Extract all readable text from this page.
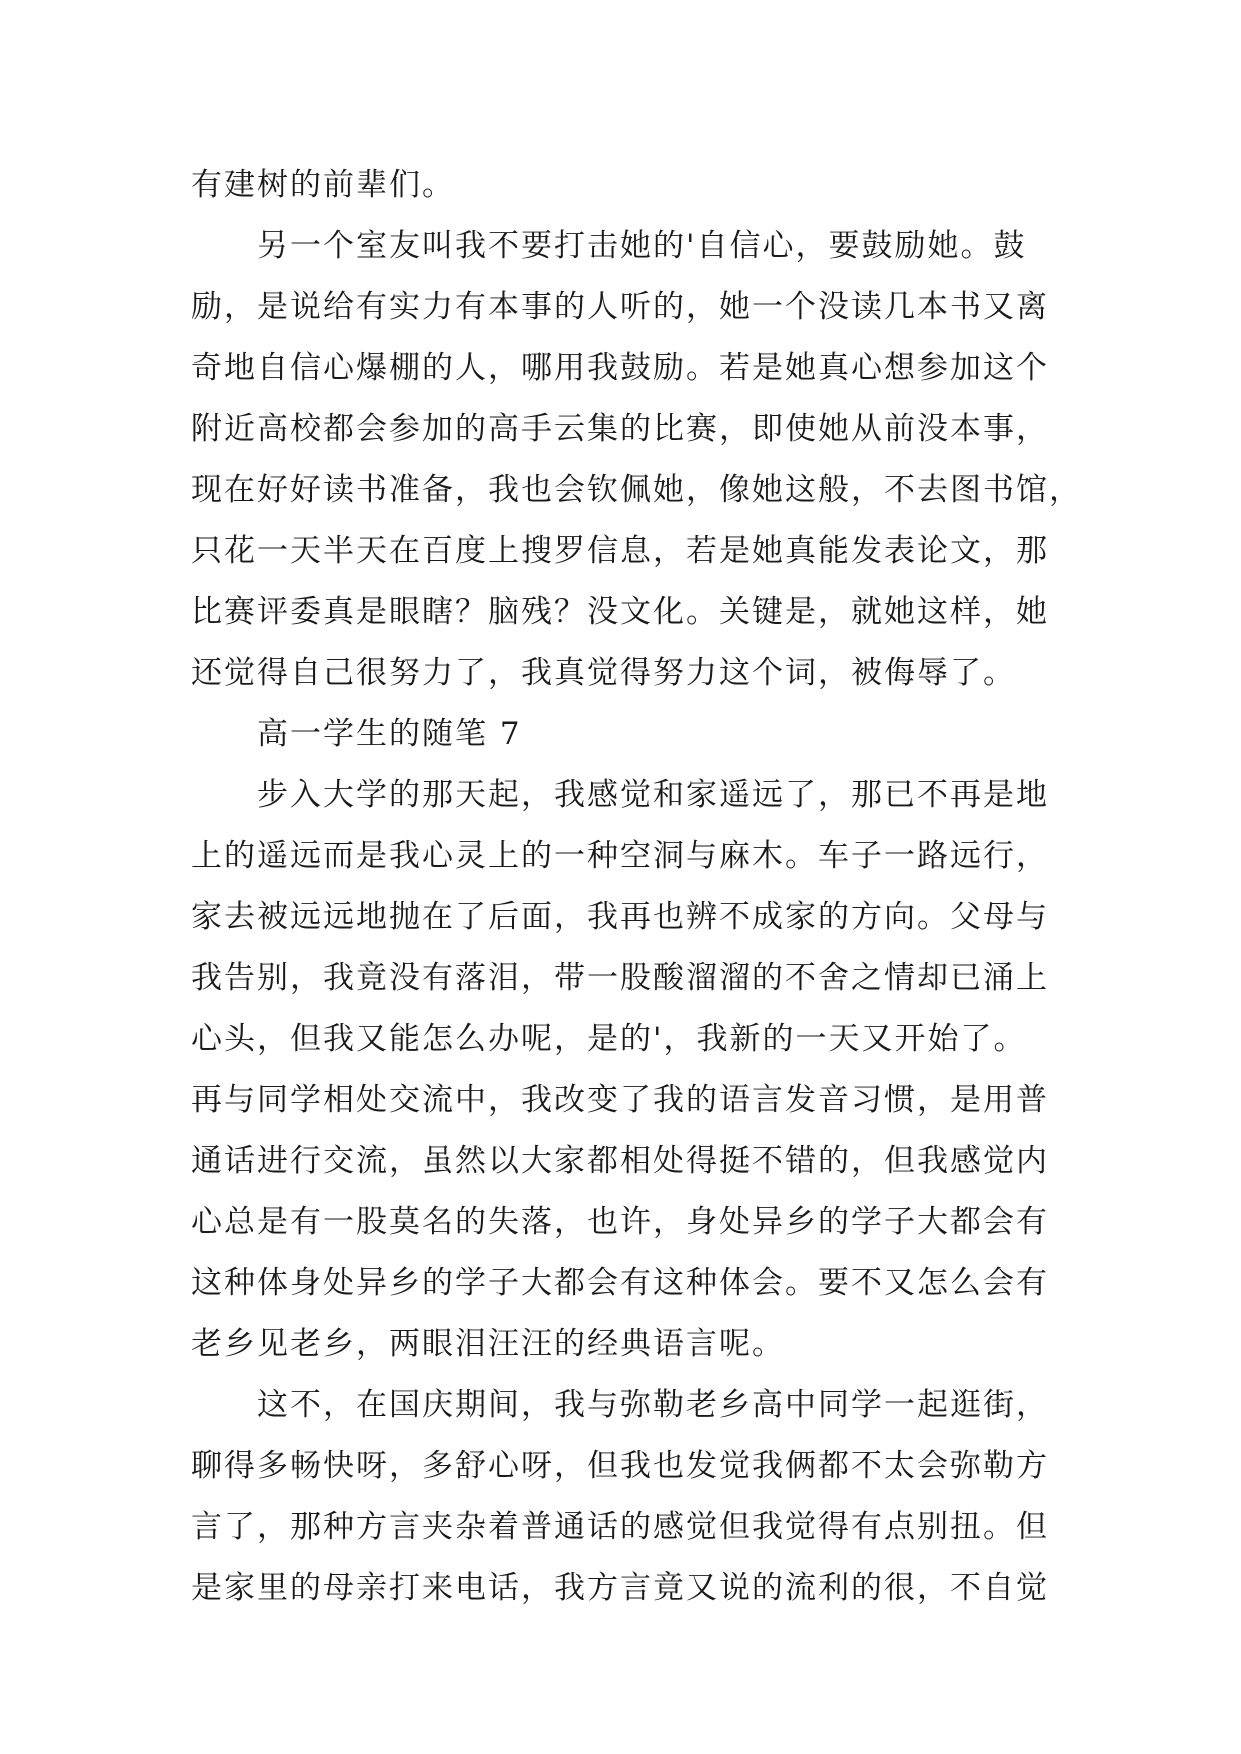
有建树的前辈们。
另一个室友叫我不要打击她的'自信心，要鼓励她。鼓
励，是说给有实力有本事的人听的，她一个没读几本书又离
奇地自信心爆棚的人，哪用我鼓励。若是她真心想参加这个
附近高校都会参加的高手云集的比赛，即使她从前没本事，
现在好好读书准备，我也会钦佩她，像她这般，不去图书馆，
只花一天半天在百度上搜罗信息，若是她真能发表论文，那
比赛评委真是眼瞎？脑残？没文化。关键是，就她这样，她
还觉得自己很努力了，我真觉得努力这个词，被侮辱了。
高一学生的随笔 7
步入大学的那天起，我感觉和家遥远了，那已不再是地
上的遥远而是我心灵上的一种空洞与麻木。车子一路远行，
家去被远远地抛在了后面，我再也辨不成家的方向。父母与
我告别，我竟没有落泪，带一股酸溜溜的不舍之情却已涌上
心头，但我又能怎么办呢，是的'，我新的一天又开始了。
再与同学相处交流中，我改变了我的语言发音习惯，是用普
通话进行交流，虽然以大家都相处得挺不错的，但我感觉内
心总是有一股莫名的失落，也许，身处异乡的学子大都会有
这种体身处异乡的学子大都会有这种体会。要不又怎么会有
老乡见老乡，两眼泪汪汪的经典语言呢。
这不，在国庆期间，我与弥勒老乡高中同学一起逛街，
聊得多畅快呀，多舒心呀，但我也发觉我俩都不太会弥勒方
言了，那种方言夹杂着普通话的感觉但我觉得有点别扭。但
是家里的母亲打来电话，我方言竟又说的流利的很，不自觉
